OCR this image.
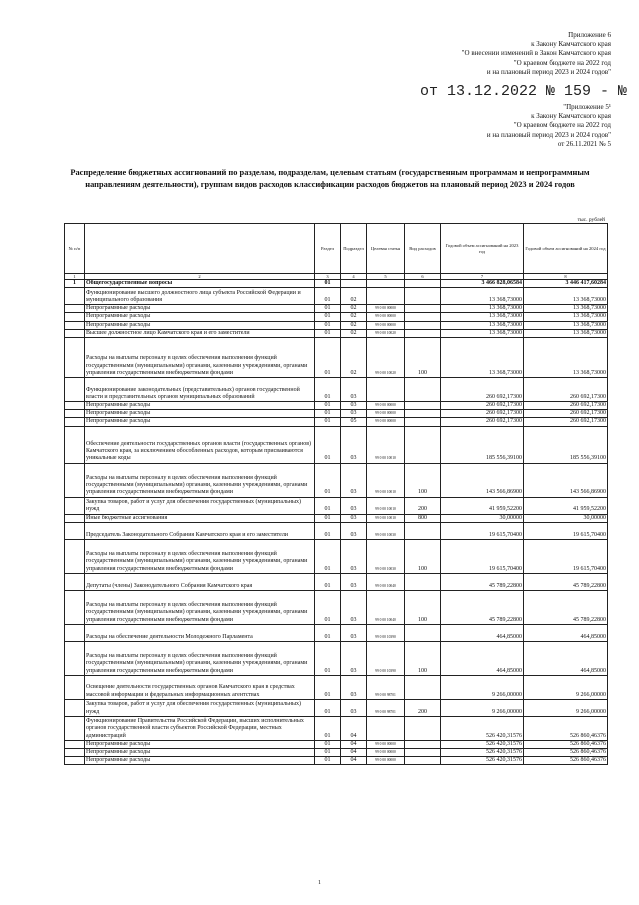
Приложение 6
к Закону Камчатского края
"О внесении изменений в Закон Камчатского края
"О краевом бюджете на 2022 год
и на плановый период 2023 и 2024 годов"
от 13.12.2022 № 159 - №
"Приложение 5¹
к Закону Камчатского края
"О краевом бюджете на 2022 год
и на плановый период 2023 и 2024 годов"
от 26.11.2021 № 5
Распределение бюджетных ассигнований по разделам, подразделам, целевым статьям (государственным программам и непрограммным направлениям деятельности), группам видов расходов классификации расходов бюджетов на плановый период 2023 и 2024 годов
тыс. рублей
№ п/п		Раздел	Подраздел	Целевая статья	Вид расходов	Годовой объем ассигнований на 2023 год	Годовой объем ассигнований на 2024 год
1	2	3	4	5	6	7	8
1	Общегосударственные вопросы	01				3 466 828,06584	3 446 417,60284
	Функционирование высшего должностного лица субъекта Российской Федерации и муниципального образования	01	02			13 368,73000	13 368,73000
	Непрограммные расходы	01	02	99 0 00 00000		13 368,73000	13 368,73000
	Непрограммные расходы	01	02	99 0 00 00000		13 368,73000	13 368,73000
	Непрограммные расходы	01	02	99 0 00 00000		13 368,73000	13 368,73000
	Высшее должностное лицо Камчатского края и его заместители	01	02	99 0 00 10020		13 368,73000	13 368,73000
	Расходы на выплаты персоналу в целях обеспечения выполнения функций государственными (муниципальными) органами, казенными учреждениями, органами управления государственными внебюджетными фондами	01	02	99 0 00 10020	100	13 368,73000	13 368,73000
	Функционирование законодательных (представительных) органов государственной власти и представительных органов муниципальных образований	01	03			260 692,17300	260 692,17300
	Непрограммные расходы	01	03	99 0 00 00000		260 692,17300	260 692,17300
	Непрограммные расходы	01	03	99 0 00 00000		260 692,17300	260 692,17300
	Непрограммные расходы	01	05	99 0 00 00000		260 692,17300	260 692,17300
	Обеспечение деятельности государственных органов власти (государственных органов) Камчатского края, за исключением обособленных расходов, которым присваиваются уникальные коды	01	03	99 0 00 10010		185 556,39100	185 556,39100
	Расходы на выплаты персоналу в целях обеспечения выполнения функций государственными (муниципальными) органами, казенными учреждениями, органами управления государственными внебюджетными фондами	01	03	99 0 00 10010	100	143 566,86900	143 566,86900
	Закупка товаров, работ и услуг для обеспечения государственных (муниципальных) нужд	01	03	99 0 00 10010	200	41 959,52200	41 959,52200
	Иные бюджетные ассигнования	01	03	99 0 00 10010	800	30,00000	30,00000
	Председатель Законодательного Собрания Камчатского края и его заместители	01	03	99 0 00 10030		19 615,70400	19 615,70400
	Расходы на выплаты персоналу в целях обеспечения выполнения функций государственными (муниципальными) органами, казенными учреждениями, органами управления государственными внебюджетными фондами	01	03	99 0 00 10030	100	19 615,70400	19 615,70400
	Депутаты (члены) Законодательного Собрания Камчатского края	01	03	99 0 00 10040		45 789,22800	45 789,22800
	Расходы на выплаты персоналу в целях обеспечения выполнения функций государственными (муниципальными) органами, казенными учреждениями, органами управления государственными внебюджетными фондами	01	03	99 0 00 10040	100	45 789,22800	45 789,22800
	Расходы на обеспечение деятельности Молодежного Парламента	01	03	99 0 00 10390		464,85000	464,85000
	Расходы на выплаты персоналу в целях обеспечения выполнения функций государственными (муниципальными) органами, казенными учреждениями, органами управления государственными внебюджетными фондами	01	03	99 0 00 10390	100	464,85000	464,85000
	Освещение деятельности государственных органов Камчатского края в средствах массовой информации и федеральных информационных агентствах	01	03	99 0 00 98701		9 266,00000	9 266,00000
	Закупка товаров, работ и услуг для обеспечения государственных (муниципальных) нужд	01	03	99 0 00 98701	200	9 266,00000	9 266,00000
	Функционирование Правительства Российской Федерации, высших исполнительных органов государственной власти субъектов Российской Федерации, местных администраций	01	04			526 420,31576	526 860,46376
	Непрограммные расходы	01	04	99 0 00 00000		526 420,31576	526 860,46376
	Непрограммные расходы	01	04	99 0 00 00000		526 420,31576	526 860,46376
	Непрограммные расходы	01	04	99 0 00 00000		526 420,31576	526 860,46376
1
